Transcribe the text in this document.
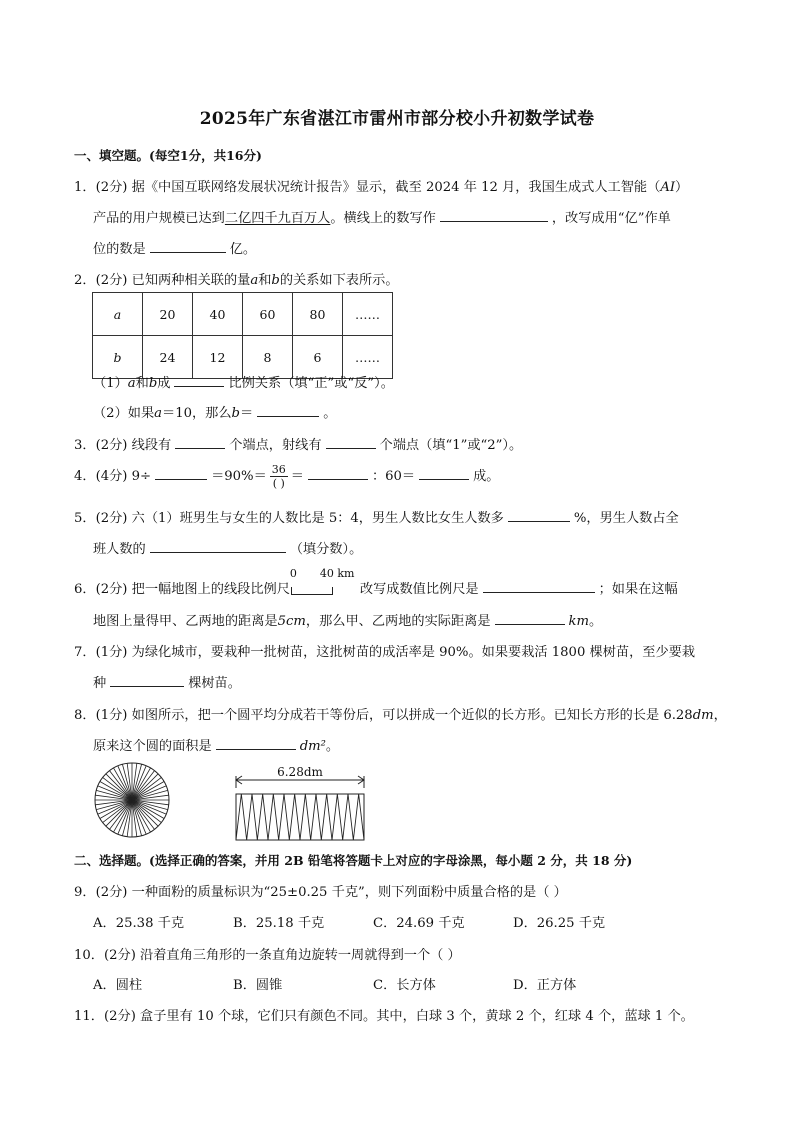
2025年广东省湛江市雷州市部分校小升初数学试卷
一、填空题。(每空1分，共16分)
1．(2分) 据《中国互联网络发展状况统计报告》显示，截至 2024 年 12 月，我国生成式人工智能（AI）
产品的用户规模已达到二亿四千九百万人。横线上的数写作	，改写成用“亿”作单
位的数是	亿。
2．(2分) 已知两种相关联的量a和b的关系如下表所示。
a	20	40	60	80	……
b	24	12	8	6	……
（1）a和b成	比例关系（填“正”或“反”）。
（2）如果a＝10，那么b＝	。
3．(2分) 线段有	个端点，射线有	个端点（填“1”或“2”）。
4．(4分) 9÷	$=90\%= \frac{36}{( )}$ ＝	：60＝	成。
5．(2分) 六（1）班男生与女生的人数比是 5：4，男生人数比女生人数多	%，男生人数占全
班人数的	（填分数）。
6．(2分) 把一幅地图上的线段比例尺
0 40 km
改写成数值比例尺是	；如果在这幅
地图上量得甲、乙两地的距离是5cm，那么甲、乙两地的实际距离是	km。
7．(1分) 为绿化城市，要栽种一批树苗，这批树苗的成活率是 90%。如果要栽活 1800 棵树苗，至少要栽
种	棵树苗。
8．(1分) 如图所示，把一个圆平均分成若干等份后，可以拼成一个近似的长方形。已知长方形的长是 6.28dm，
原来这个圆的面积是	dm²。
6.28dm
二、选择题。(选择正确的答案，并用 2B 铅笔将答题卡上对应的字母涂黑，每小题 2 分，共 18 分)
9．(2分) 一种面粉的质量标识为“25±0.25 千克”，则下列面粉中质量合格的是（ ）
A．25.38 千克	B．25.18 千克	C．24.69 千克	D．26.25 千克
10．(2分) 沿着直角三角形的一条直角边旋转一周就得到一个（ ）
A．圆柱	B．圆锥	C．长方体	D．正方体
11．(2分) 盒子里有 10 个球，它们只有颜色不同。其中，白球 3 个，黄球 2 个，红球 4 个，蓝球 1 个。
